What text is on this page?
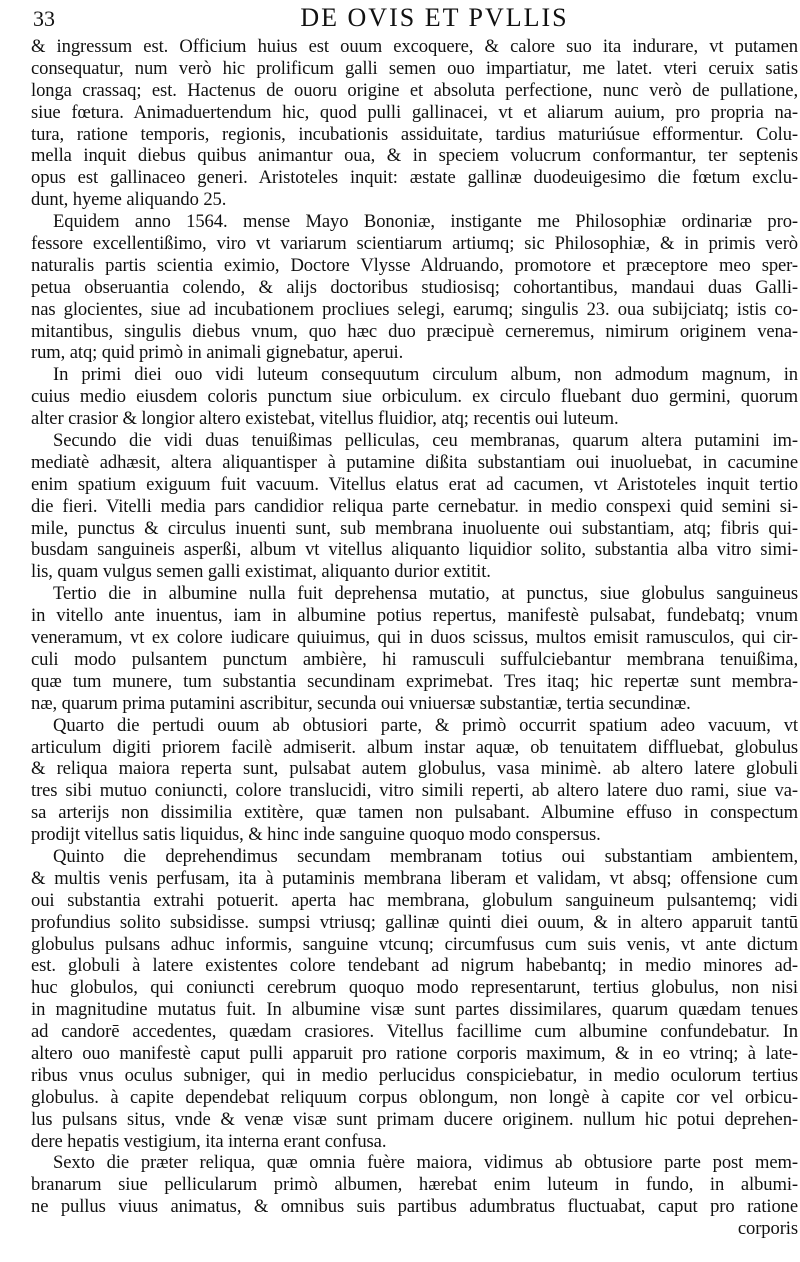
33	DE OVIS ET PVLLIS
& ingressum est. Officium huius est ouum excoquere, & calore suo ita indurare, vt putamen
consequatur, num verò hic prolificum galli semen ouo impartiatur, me latet. vteri ceruix satis
longa crassaq; est. Hactenus de ouoru origine et absoluta perfectione, nunc verò de pullatione,
siue fœtura. Animaduertendum hic, quod pulli gallinacei, vt et aliarum auium, pro propria na-
tura, ratione temporis, regionis, incubationis assiduitate, tardius maturiúsue efformentur. Colu-
mella inquit diebus quibus animantur oua, & in speciem volucrum conformantur, ter septenis
opus est gallinaceo generi. Aristoteles inquit: æstate gallinæ duodeuigesimo die fœtum exclu-
dunt, hyeme aliquando 25.
Equidem anno 1564. mense Mayo Bononiæ, instigante me Philosophiæ ordinariæ pro-
fessore excellentißimo, viro vt variarum scientiarum artiumq; sic Philosophiæ, & in primis verò
naturalis partis scientia eximio, Doctore Vlysse Aldruando, promotore et præceptore meo sper-
petua obseruantia colendo, & alijs doctoribus studiosisq; cohortantibus, mandaui duas Galli-
nas glocientes, siue ad incubationem procliues selegi, earumq; singulis 23. oua subijciatq; istis co-
mitantibus, singulis diebus vnum, quo hæc duo præcipuè cerneremus, nimirum originem vena-
rum, atq; quid primò in animali gignebatur, aperui.
In primi diei ouo vidi luteum consequutum circulum album, non admodum magnum, in
cuius medio eiusdem coloris punctum siue orbiculum. ex circulo fluebant duo germini, quorum
alter crasior & longior altero existebat, vitellus fluidior, atq; recentis oui luteum.
Secundo die vidi duas tenuißimas pelliculas, ceu membranas, quarum altera putamini im-
mediatè adhæsit, altera aliquantisper à putamine dißita substantiam oui inuoluebat, in cacumine
enim spatium exiguum fuit vacuum. Vitellus elatus erat ad cacumen, vt Aristoteles inquit tertio
die fieri. Vitelli media pars candidior reliqua parte cernebatur. in medio conspexi quid semini si-
mile, punctus & circulus inuenti sunt, sub membrana inuoluente oui substantiam, atq; fibris qui-
busdam sanguineis asperßi, album vt vitellus aliquanto liquidior solito, substantia alba vitro simi-
lis, quam vulgus semen galli existimat, aliquanto durior extitit.
Tertio die in albumine nulla fuit deprehensa mutatio, at punctus, siue globulus sanguineus
in vitello ante inuentus, iam in albumine potius repertus, manifestè pulsabat, fundebatq; vnum
veneramum, vt ex colore iudicare quiuimus, qui in duos scissus, multos emisit ramusculos, qui cir-
culi modo pulsantem punctum ambière, hi ramusculi suffulciebantur membrana tenuißima,
quæ tum munere, tum substantia secundinam exprimebat. Tres itaq; hic repertæ sunt membra-
næ, quarum prima putamini ascribitur, secunda oui vniuersæ substantiæ, tertia secundinæ.
Quarto die pertudi ouum ab obtusiori parte, & primò occurrit spatium adeo vacuum, vt
articulum digiti priorem facilè admiserit. album instar aquæ, ob tenuitatem diffluebat, globulus
& reliqua maiora reperta sunt, pulsabat autem globulus, vasa minimè. ab altero latere globuli
tres sibi mutuo coniuncti, colore translucidi, vitro simili reperti, ab altero latere duo rami, siue va-
sa arterijs non dissimilia extitère, quæ tamen non pulsabant. Albumine effuso in conspectum
prodijt vitellus satis liquidus, & hinc inde sanguine quoquo modo conspersus.
Quinto die deprehendimus secundam membranam totius oui substantiam ambientem,
& multis venis perfusam, ita à putaminis membrana liberam et validam, vt absq; offensione cum
oui substantia extrahi potuerit. aperta hac membrana, globulum sanguineum pulsantemq; vidi
profundius solito subsidisse. sumpsi vtriusq; gallinæ quinti diei ouum, & in altero apparuit tantū
globulus pulsans adhuc informis, sanguine vtcunq; circumfusus cum suis venis, vt ante dictum
est. globuli à latere existentes colore tendebant ad nigrum habebantq; in medio minores ad-
huc globulos, qui coniuncti cerebrum quoquo modo representarunt, tertius globulus, non nisi
in magnitudine mutatus fuit. In albumine visæ sunt partes dissimilares, quarum quædam tenues
ad candorē accedentes, quædam crasiores. Vitellus facillime cum albumine confundebatur. In
altero ouo manifestè caput pulli apparuit pro ratione corporis maximum, & in eo vtrinq; à late-
ribus vnus oculus subniger, qui in medio perlucidus conspiciebatur, in medio oculorum tertius
globulus. à capite dependebat reliquum corpus oblongum, non longè à capite cor vel orbicu-
lus pulsans situs, vnde & venæ visæ sunt primam ducere originem. nullum hic potui deprehen-
dere hepatis vestigium, ita interna erant confusa.
Sexto die præter reliqua, quæ omnia fuère maiora, vidimus ab obtusiore parte post mem-
branarum siue pellicularum primò albumen, hærebat enim luteum in fundo, in albumi-
ne pullus viuus animatus, & omnibus suis partibus adumbratus fluctuabat, caput pro ratione
corporis
